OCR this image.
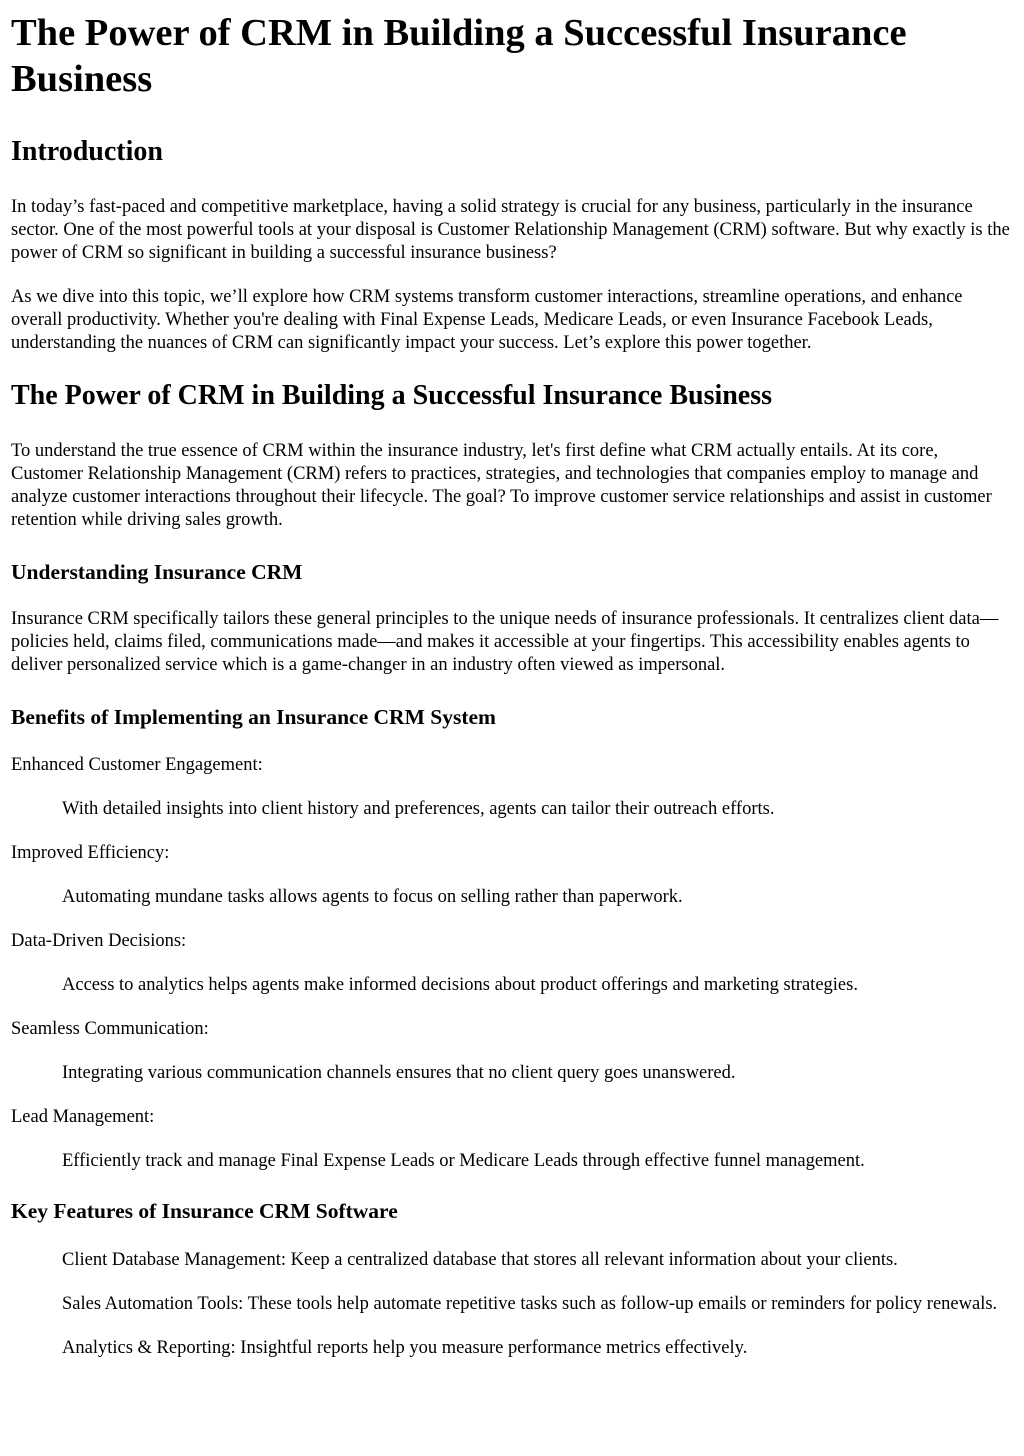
The Power of CRM in Building a Successful Insurance Business
Introduction

In today’s fast-paced and competitive marketplace, having a solid strategy is crucial for any business, particularly in the insurance sector. One of the most powerful tools at your disposal is Customer Relationship Management (CRM) software. But why exactly is the power of CRM so significant in building a successful insurance business?

As we dive into this topic, we’ll explore how CRM systems transform customer interactions, streamline operations, and enhance overall productivity. Whether you're dealing with Final Expense Leads, Medicare Leads, or even Insurance Facebook Leads, understanding the nuances of CRM can significantly impact your success. Let’s explore this power together.

The Power of CRM in Building a Successful Insurance Business

To understand the true essence of CRM within the insurance industry, let's first define what CRM actually entails. At its core, Customer Relationship Management (CRM) refers to practices, strategies, and technologies that companies employ to manage and analyze customer interactions throughout their lifecycle. The goal? To improve customer service relationships and assist in customer retention while driving sales growth.

Understanding Insurance CRM

Insurance CRM specifically tailors these general principles to the unique needs of insurance professionals. It centralizes client data—policies held, claims filed, communications made—and makes it accessible at your fingertips. This accessibility enables agents to deliver personalized service which is a game-changer in an industry often viewed as impersonal.

Benefits of Implementing an Insurance CRM System
Enhanced Customer Engagement:
With detailed insights into client history and preferences, agents can tailor their outreach efforts.
Improved Efficiency:
Automating mundane tasks allows agents to focus on selling rather than paperwork.
Data-Driven Decisions:
Access to analytics helps agents make informed decisions about product offerings and marketing strategies.
Seamless Communication:
Integrating various communication channels ensures that no client query goes unanswered.
Lead Management:
Efficiently track and manage Final Expense Leads or Medicare Leads through effective funnel management.
Key Features of Insurance CRM Software

Client Database Management: Keep a centralized database that stores all relevant information about your clients.

Sales Automation Tools: These tools help automate repetitive tasks such as follow-up emails or reminders for policy renewals.

Analytics & Reporting: Insightful reports help you measure performance metrics effectively.
